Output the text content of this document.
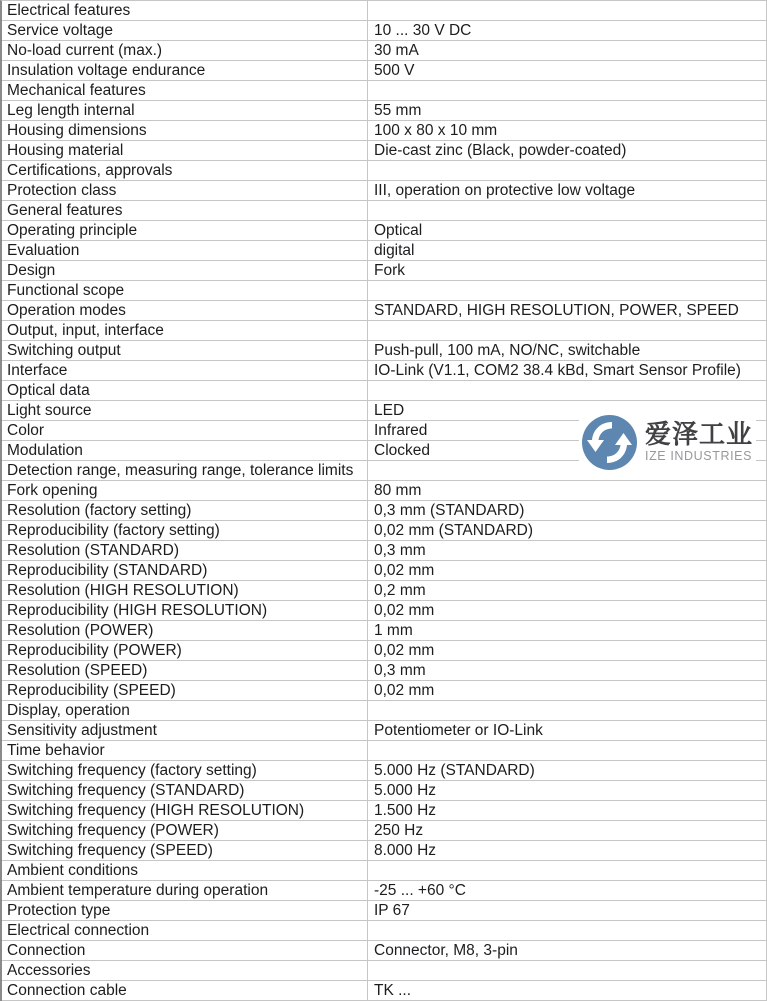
Electrical features
Service voltage	10 ... 30 V DC
No-load current (max.)	30 mA
Insulation voltage endurance	500 V
Mechanical features
Leg length internal	55 mm
Housing dimensions	100 x 80 x 10 mm
Housing material	Die-cast zinc (Black, powder-coated)
Certifications, approvals
Protection class	III, operation on protective low voltage
General features
Operating principle	Optical
Evaluation	digital
Design	Fork
Functional scope
Operation modes	STANDARD, HIGH RESOLUTION, POWER, SPEED
Output, input, interface
Switching output	Push-pull, 100 mA, NO/NC, switchable
Interface	IO-Link (V1.1, COM2 38.4 kBd, Smart Sensor Profile)
Optical data
Light source	LED
Color	Infrared
Modulation	Clocked
Detection range, measuring range, tolerance limits
Fork opening	80 mm
Resolution (factory setting)	0,3 mm (STANDARD)
Reproducibility (factory setting)	0,02 mm (STANDARD)
Resolution (STANDARD)	0,3 mm
Reproducibility (STANDARD)	0,02 mm
Resolution (HIGH RESOLUTION)	0,2 mm
Reproducibility (HIGH RESOLUTION)	0,02 mm
Resolution (POWER)	1 mm
Reproducibility (POWER)	0,02 mm
Resolution (SPEED)	0,3 mm
Reproducibility (SPEED)	0,02 mm
Display, operation
Sensitivity adjustment	Potentiometer or IO-Link
Time behavior
Switching frequency (factory setting)	5.000 Hz (STANDARD)
Switching frequency (STANDARD)	5.000 Hz
Switching frequency (HIGH RESOLUTION)	1.500 Hz
Switching frequency (POWER)	250 Hz
Switching frequency (SPEED)	8.000 Hz
Ambient conditions
Ambient temperature during operation	-25 ... +60 °C
Protection type	IP 67
Electrical connection
Connection	Connector, M8, 3-pin
Accessories
Connection cable	TK ...
爱泽工业
IZE INDUSTRIES
